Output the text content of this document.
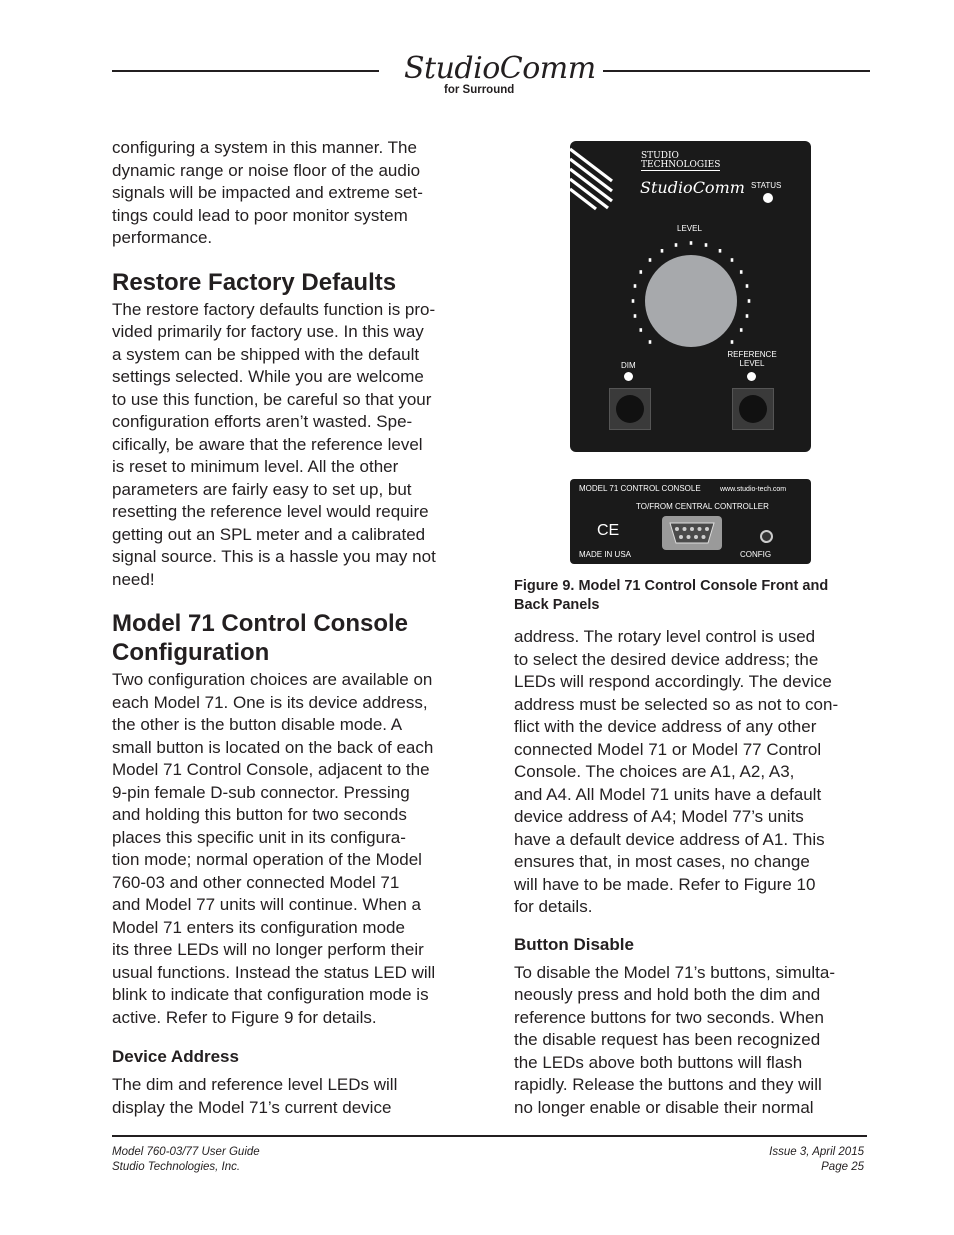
StudioComm
for Surround

configuring a system in this manner. The
dynamic range or noise floor of the audio
signals will be impacted and extreme set-
tings could lead to poor monitor system
performance.

Restore Factory Defaults

The restore factory defaults function is pro-
vided primarily for factory use. In this way
a system can be shipped with the default
settings selected. While you are welcome
to use this function, be careful so that your
configuration efforts aren’t wasted. Spe-
cifically, be aware that the reference level
is reset to minimum level. All the other
parameters are fairly easy to set up, but
resetting the reference level would require
getting out an SPL meter and a calibrated
signal source. This is a hassle you may not
need!

Model 71 Control Console
Configuration

Two configuration choices are available on
each Model 71. One is its device address,
the other is the button disable mode. A
small button is located on the back of each
Model 71 Control Console, adjacent to the
9-pin female D-sub connector. Pressing
and holding this button for two seconds
places this specific unit in its configura-
tion mode; normal operation of the Model
760-03 and other connected Model 71
and Model 77 units will continue. When a
Model 71 enters its configuration mode
its three LEDs will no longer perform their
usual functions. Instead the status LED will
blink to indicate that configuration mode is
active. Refer to Figure 9 for details.

Device Address

The dim and reference level LEDs will
display the Model 71’s current device

STUDIO
TECHNOLOGIES
StudioComm STATUS
LEVEL
DIM
REFERENCE
LEVEL
MODEL 71 CONTROL CONSOLE	www.studio-tech.com
TO/FROM CENTRAL CONTROLLER
CE
MADE IN USA	CONFIG

Figure 9. Model 71 Control Console Front and
Back Panels

address. The rotary level control is used
to select the desired device address; the
LEDs will respond accordingly. The device
address must be selected so as not to con-
flict with the device address of any other
connected Model 71 or Model 77 Control
Console. The choices are A1, A2, A3,
and A4. All Model 71 units have a default
device address of A4; Model 77’s units
have a default device address of A1. This
ensures that, in most cases, no change
will have to be made. Refer to Figure 10
for details.

Button Disable

To disable the Model 71’s buttons, simulta-
neously press and hold both the dim and
reference buttons for two seconds. When
the disable request has been recognized
the LEDs above both buttons will flash
rapidly. Release the buttons and they will
no longer enable or disable their normal

Model 760-03/77 User Guide
Studio Technologies, Inc.
Issue 3, April 2015
Page 25
